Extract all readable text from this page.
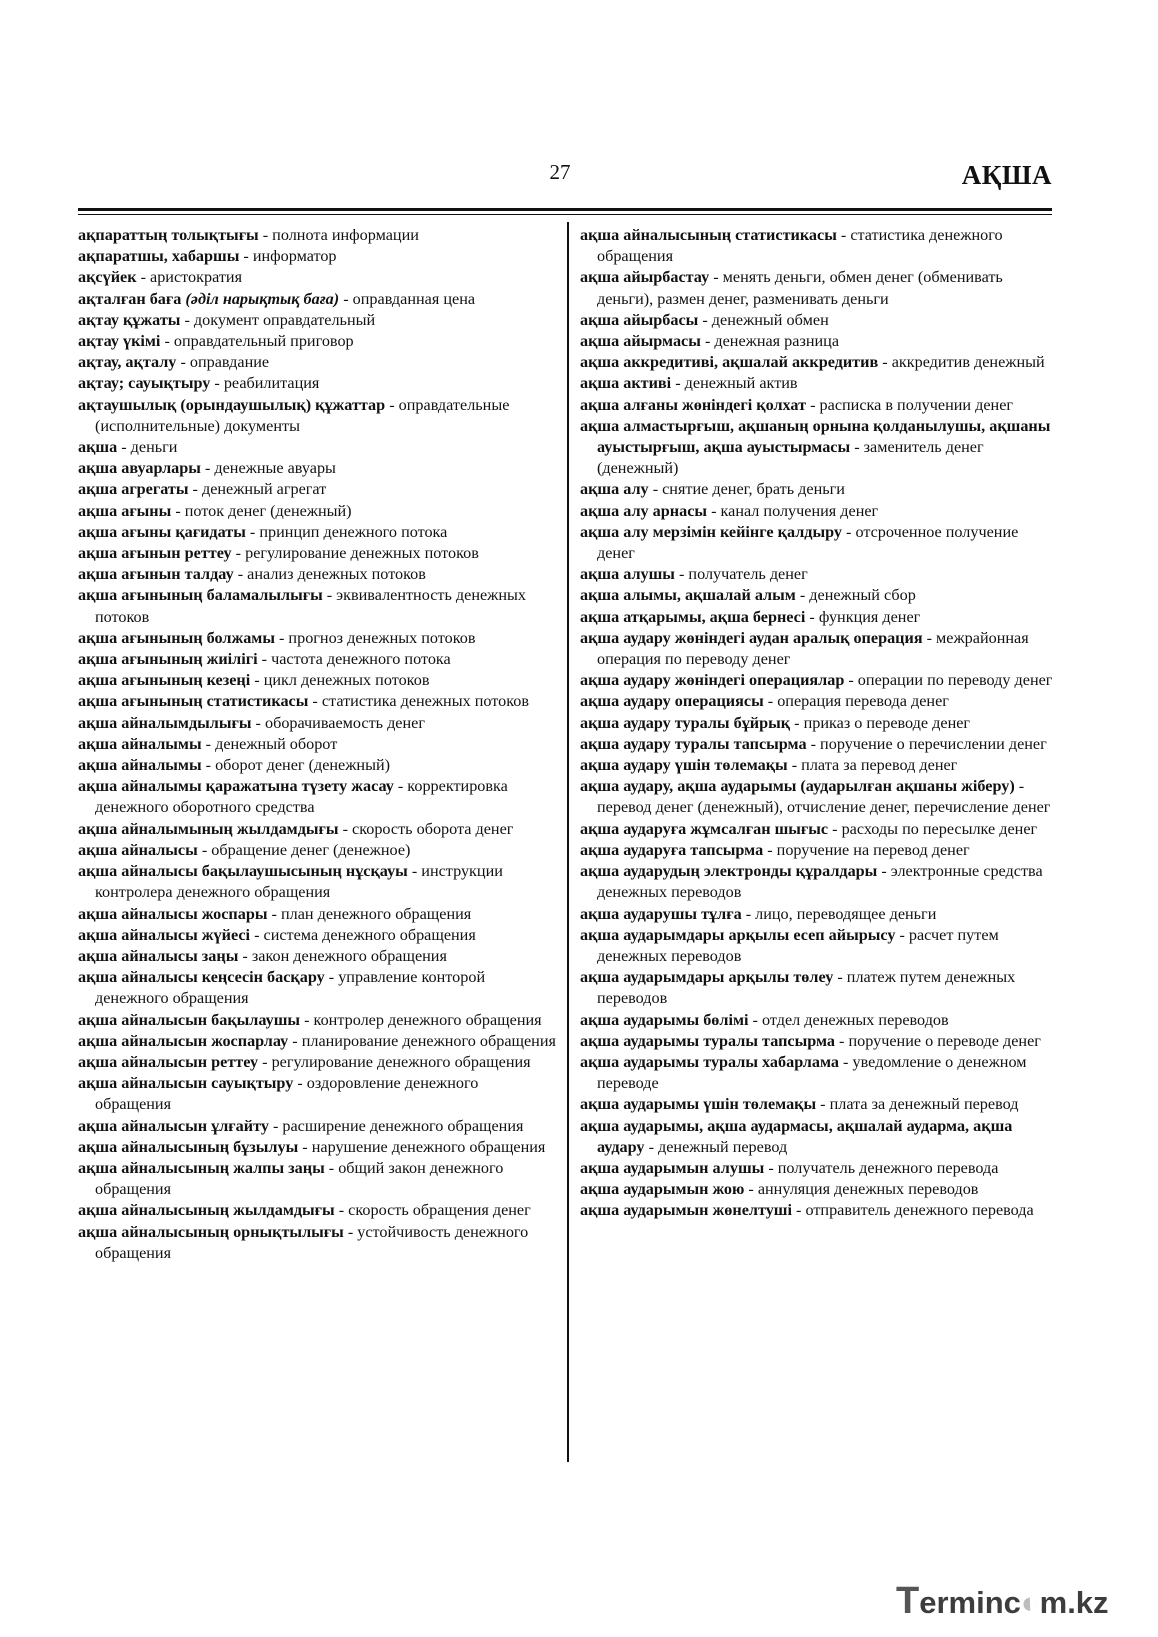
27	АҚША

ақпараттың толықтығы - полнота информации

ақпаратшы, хабаршы - информатор

ақсүйек - аристократия

ақталған баға (әділ нарықтық баға) - оправданная цена

ақтау құжаты - документ оправдательный

ақтау үкімі - оправдательный приговор

ақтау, ақталу - оправдание

ақтау; сауықтыру - реабилитация

ақтаушылық (орындаушылық) құжаттар - оправдательные (исполнительные) документы

ақша - деньги

ақша авуарлары - денежные авуары

ақша агрегаты - денежный агрегат

ақша ағыны - поток денег (денежный)

ақша ағыны қағидаты - принцип денежного потока

ақша ағынын реттеу - регулирование денежных потоков

ақша ағынын талдау - анализ денежных потоков

ақша ағынының баламалылығы - эквивалентность денежных потоков

ақша ағынының болжамы - прогноз денежных потоков

ақша ағынының жиілігі - частота денежного потока

ақша ағынының кезеңі - цикл денежных потоков

ақша ағынының статистикасы - статистика денежных потоков

ақша айналымдылығы - оборачиваемость денег

ақша айналымы - денежный оборот

ақша айналымы - оборот денег (денежный)

ақша айналымы қаражатына түзету жасау - корректировка денежного оборотного средства

ақша айналымының жылдамдығы - скорость оборота денег

ақша айналысы - обращение денег (денежное)

ақша айналысы бақылаушысының нұсқауы - инструкции контролера денежного обращения

ақша айналысы жоспары - план денежного обращения

ақша айналысы жүйесі - система денежного обращения

ақша айналысы заңы - закон денежного обращения

ақша айналысы кеңсесін басқару - управление конторой денежного обращения

ақша айналысын бақылаушы - контролер денежного обращения

ақша айналысын жоспарлау - планирование денежного обращения

ақша айналысын реттеу - регулирование денежного обращения

ақша айналысын сауықтыру - оздоровление денежного обращения

ақша айналысын ұлғайту - расширение денежного обращения

ақша айналысының бұзылуы - нарушение денежного обращения

ақша айналысының жалпы заңы - общий закон денежного обращения

ақша айналысының жылдамдығы - скорость обращения денег

ақша айналысының орнықтылығы - устойчивость денежного обращения

ақша айналысының статистикасы - статистика денежного обращения

ақша айырбастау - менять деньги, обмен денег (обменивать деньги), размен денег, разменивать деньги

ақша айырбасы - денежный обмен

ақша айырмасы - денежная разница

ақша аккредитиві, ақшалай аккредитив - аккредитив денежный

ақша активі - денежный актив

ақша алғаны жөніндегі қолхат - расписка в получении денег

ақша алмастырғыш, ақшаның орнына қолданылушы, ақшаны ауыстырғыш, ақша ауыстырмасы - заменитель денег (денежный)

ақша алу - снятие денег, брать деньги

ақша алу арнасы - канал получения денег

ақша алу мерзімін кейінге қалдыру - отсроченное получение денег

ақша алушы - получатель денег

ақша алымы, ақшалай алым - денежный сбор

ақша атқарымы, ақша бернесі - функция денег

ақша аудару жөніндегі аудан аралық операция - межрайонная операция по переводу денег

ақша аудару жөніндегі операциялар - операции по переводу денег

ақша аудару операциясы - операция перевода денег

ақша аудару туралы бұйрық - приказ о переводе денег

ақша аудару туралы тапсырма - поручение о перечислении денег

ақша аудару үшін төлемақы - плата за перевод денег

ақша аудару, ақша аударымы (аударылған ақшаны жіберу) - перевод денег (денежный), отчисление денег, перечисление денег

ақша аударуға жұмсалған шығыс - расходы по пересылке денег

ақша аударуға тапсырма - поручение на перевод денег

ақша аударудың электронды құралдары - электронные средства денежных переводов

ақша аударушы тұлға - лицо, переводящее деньги

ақша аударымдары арқылы есеп айырысу - расчет путем денежных переводов

ақша аударымдары арқылы төлеу - платеж путем денежных переводов

ақша аударымы бөлімі - отдел денежных переводов

ақша аударымы туралы тапсырма - поручение о переводе денег

ақша аударымы туралы хабарлама - уведомление о денежном переводе

ақша аударымы үшін төлемақы - плата за денежный перевод

ақша аударымы, ақша аудармасы, ақшалай аударма, ақша аудару - денежный перевод

ақша аударымын алушы - получатель денежного перевода

ақша аударымын жою - аннуляция денежных переводов

ақша аударымын жөнелтуші - отправитель денежного перевода

Terminc◐m.kz
